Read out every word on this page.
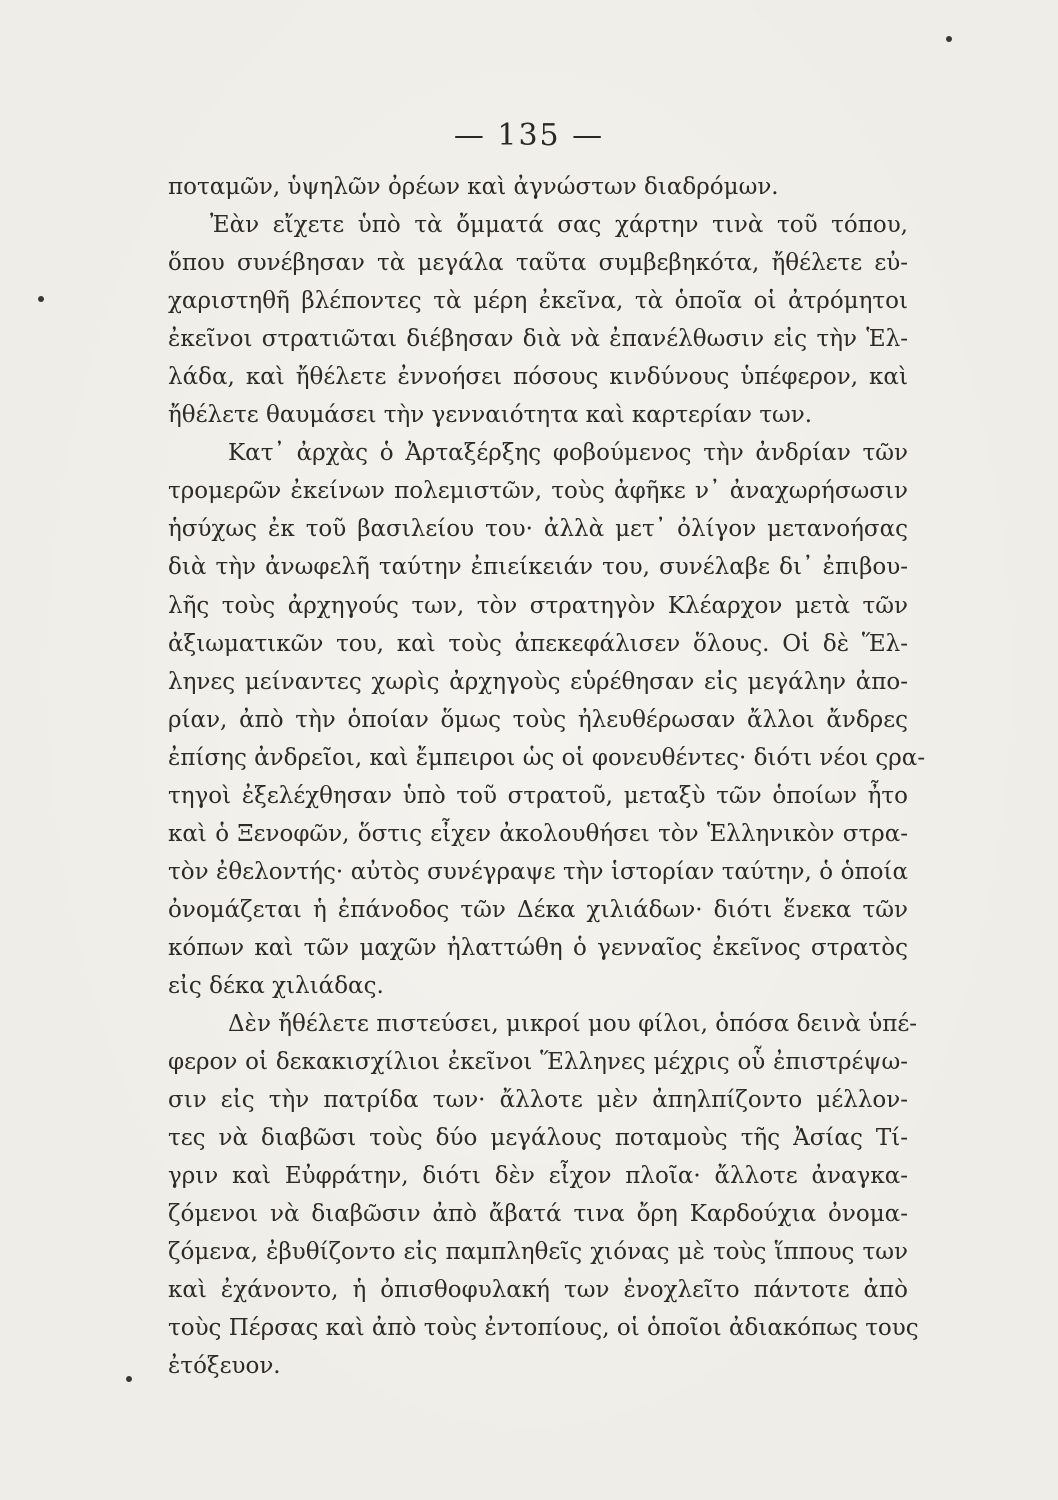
— 135 —
ποταμῶν, ὑψηλῶν ὀρέων καὶ ἀγνώστων διαδρόμων.
Ἐὰν εἴχετε ὑπὸ τὰ ὄμματά σας χάρτην τινὰ τοῦ τόπου,
ὅπου συνέβησαν τὰ μεγάλα ταῦτα συμβεβηκότα, ἤθέλετε εὐ-
χαριστηθῆ βλέποντες τὰ μέρη ἐκεῖνα, τὰ ὁποῖα οἱ ἀτρόμητοι
ἐκεῖνοι στρατιῶται διέβησαν διὰ νὰ ἐπανέλθωσιν εἰς τὴν Ἑλ-
λάδα, καὶ ἤθέλετε ἐννοήσει πόσους κινδύνους ὑπέφερον, καὶ
ἤθέλετε θαυμάσει τὴν γενναιότητα καὶ καρτερίαν των.
Κατ᾿ ἀρχὰς ὁ Ἀρταξέρξης φοβούμενος τὴν ἀνδρίαν τῶν
τρομερῶν ἐκείνων πολεμιστῶν, τοὺς ἀφῆκε ν᾿ ἀναχωρήσωσιν
ἡσύχως ἐκ τοῦ βασιλείου του· ἀλλὰ μετ᾿ ὀλίγον μετανοήσας
διὰ τὴν ἀνωφελῆ ταύτην ἐπιείκειάν του, συνέλαβε δι᾿ ἐπιβου-
λῆς τοὺς ἀρχηγούς των, τὸν στρατηγὸν Κλέαρχον μετὰ τῶν
ἀξιωματικῶν του, καὶ τοὺς ἀπεκεφάλισεν ὅλους. Οἱ δὲ Ἕλ-
ληνες μείναντες χωρὶς ἀρχηγοὺς εὑρέθησαν εἰς μεγάλην ἀπο-
ρίαν, ἀπὸ τὴν ὁποίαν ὅμως τοὺς ἠλευθέρωσαν ἄλλοι ἄνδρες
ἐπίσης ἀνδρεῖοι, καὶ ἔμπειροι ὡς οἱ φονευθέντες· διότι νέοι ςρα-
τηγοὶ ἐξελέχθησαν ὑπὸ τοῦ στρατοῦ, μεταξὺ τῶν ὁποίων ἦτο
καὶ ὁ Ξενοφῶν, ὅστις εἶχεν ἀκολουθήσει τὸν Ἑλληνικὸν στρα-
τὸν ἐθελοντής· αὐτὸς συνέγραψε τὴν ἱστορίαν ταύτην, ὁ ὁποία
ὀνομάζεται ἡ ἐπάνοδος τῶν Δέκα χιλιάδων· διότι ἕνεκα τῶν
κόπων καὶ τῶν μαχῶν ἠλαττώθη ὁ γενναῖος ἐκεῖνος στρατὸς
εἰς δέκα χιλιάδας.
Δὲν ἤθέλετε πιστεύσει, μικροί μου φίλοι, ὁπόσα δεινὰ ὑπέ-
φερον οἱ δεκακισχίλιοι ἐκεῖνοι Ἕλληνες μέχρις οὗ ἐπιστρέψω-
σιν εἰς τὴν πατρίδα των· ἄλλοτε μὲν ἀπηλπίζοντο μέλλον-
τες νὰ διαβῶσι τοὺς δύο μεγάλους ποταμοὺς τῆς Ἀσίας Τί-
γριν καὶ Εὐφράτην, διότι δὲν εἶχον πλοῖα· ἄλλοτε ἀναγκα-
ζόμενοι νὰ διαβῶσιν ἀπὸ ἄβατά τινα ὄρη Καρδούχια ὀνομα-
ζόμενα, ἐβυθίζοντο εἰς παμπληθεῖς χιόνας μὲ τοὺς ἵππους των
καὶ ἐχάνοντο, ἡ ὀπισθοφυλακή των ἐνοχλεῖτο πάντοτε ἀπὸ
τοὺς Πέρσας καὶ ἀπὸ τοὺς ἐντοπίους, οἱ ὁποῖοι ἀδιακόπως τους
ἐτόξευον.
